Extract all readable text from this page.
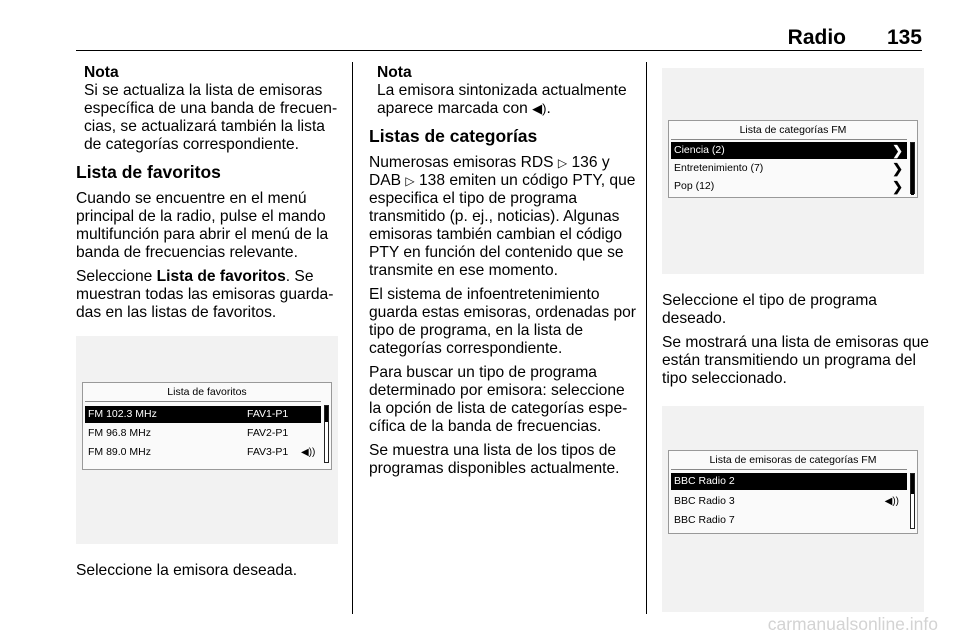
Radio 135

Nota

Si se actualiza la lista de emisoras específica de una banda de frecuen-cias, se actualizará también la lista de categorías correspondiente.

Lista de favoritos

Cuando se encuentre en el menú principal de la radio, pulse el mando multifunción para abrir el menú de la banda de frecuencias relevante.

Seleccione Lista de favoritos. Se muestran todas las emisoras guarda-das en las listas de favoritos.

Lista de favoritos
FM 102.3 MHz	FAV1-P1
FM 96.8 MHz	FAV2-P1
FM 89.0 MHz	FAV3-P1 ◀))

Seleccione la emisora deseada.

Nota

La emisora sintonizada actualmente aparece marcada con ◀).

Listas de categorías

Numerosas emisoras RDS ▷ 136 y DAB ▷ 138 emiten un código PTY, que especifica el tipo de programa transmitido (p. ej., noticias). Algunas emisoras también cambian el código PTY en función del contenido que se transmite en ese momento.

El sistema de infoentretenimiento guarda estas emisoras, ordenadas por tipo de programa, en la lista de categorías correspondiente.

Para buscar un tipo de programa determinado por emisora: seleccione la opción de lista de categorías espe-cífica de la banda de frecuencias.

Se muestra una lista de los tipos de programas disponibles actualmente.

Lista de categorías FM
Ciencia (2)	❯
Entretenimiento (7)	❯
Pop (12)	❯

Seleccione el tipo de programa deseado.

Se mostrará una lista de emisoras que están transmitiendo un programa del tipo seleccionado.

Lista de emisoras de categorías FM
BBC Radio 2
BBC Radio 3	◀))
BBC Radio 7
carmanualsonline.info
